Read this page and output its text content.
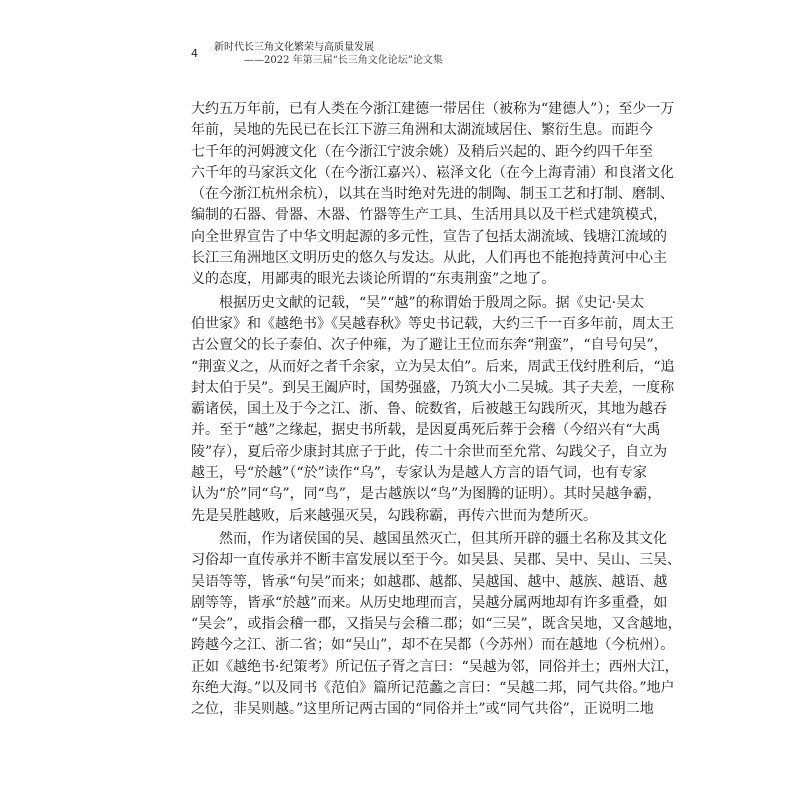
4 新时代长三角文化繁荣与高质量发展
——2022 年第三届“长三角文化论坛”论文集
大约五万年前，已有人类在今浙江建德一带居住（被称为“建德人”）；至少一万
年前，吴地的先民已在长江下游三角洲和太湖流域居住、繁衍生息。而距今
七千年的河姆渡文化（在今浙江宁波余姚）及稍后兴起的、距今约四千年至
六千年的马家浜文化（在今浙江嘉兴）、崧泽文化（在今上海青浦）和良渚文化
（在今浙江杭州余杭），以其在当时绝对先进的制陶、制玉工艺和打制、磨制、
编制的石器、骨器、木器、竹器等生产工具、生活用具以及干栏式建筑模式，
向全世界宣告了中华文明起源的多元性，宣告了包括太湖流域、钱塘江流域的
长江三角洲地区文明历史的悠久与发达。从此，人们再也不能抱持黄河中心主
义的态度，用鄙夷的眼光去谈论所谓的“东夷荆蛮”之地了。
　　根据历史文献的记载，“吴”“越”的称谓始于殷周之际。据《史记·吴太
伯世家》和《越绝书》《吴越春秋》等史书记载，大约三千一百多年前，周太王
古公亶父的长子泰伯、次子仲雍，为了避让王位而东奔“荆蛮”，“自号句吴”，
“荆蛮义之，从而好之者千余家，立为吴太伯”。后来，周武王伐纣胜利后，“追
封太伯于吴”。到吴王阖庐时，国势强盛，乃筑大小二吴城。其子夫差，一度称
霸诸侯，国土及于今之江、浙、鲁、皖数省，后被越王勾践所灭，其地为越吞
并。至于“越”之缘起，据史书所载，是因夏禹死后葬于会稽（今绍兴有“大禹
陵”存），夏后帝少康封其庶子于此，传二十余世而至允常、勾践父子，自立为
越王，号“於越”（“於”读作“乌”，专家认为是越人方言的语气词，也有专家
认为“於”同“乌”，同“鸟”，是古越族以“鸟”为图腾的证明）。其时吴越争霸，
先是吴胜越败，后来越强灭吴，勾践称霸，再传六世而为楚所灭。
　　然而，作为诸侯国的吴、越国虽然灭亡，但其所开辟的疆土名称及其文化
习俗却一直传承并不断丰富发展以至于今。如吴县、吴郡、吴中、吴山、三吴、
吴语等等，皆承“句吴”而来；如越郡、越都、吴越国、越中、越族、越语、越
剧等等，皆承“於越”而来。从历史地理而言，吴越分属两地却有许多重叠，如
“吴会”，或指会稽一郡，又指吴与会稽二郡；如“三吴”，既含吴地，又含越地，
跨越今之江、浙二省；如“吴山”，却不在吴都（今苏州）而在越地（今杭州）。
正如《越绝书·纪策考》所记伍子胥之言曰：“吴越为邻，同俗并土；西州大江，
东绝大海。”以及同书《范伯》篇所记范蠡之言曰：“吴越二邦，同气共俗。”地户
之位，非吴则越。”这里所记两古国的“同俗并土”或“同气共俗”，正说明二地
